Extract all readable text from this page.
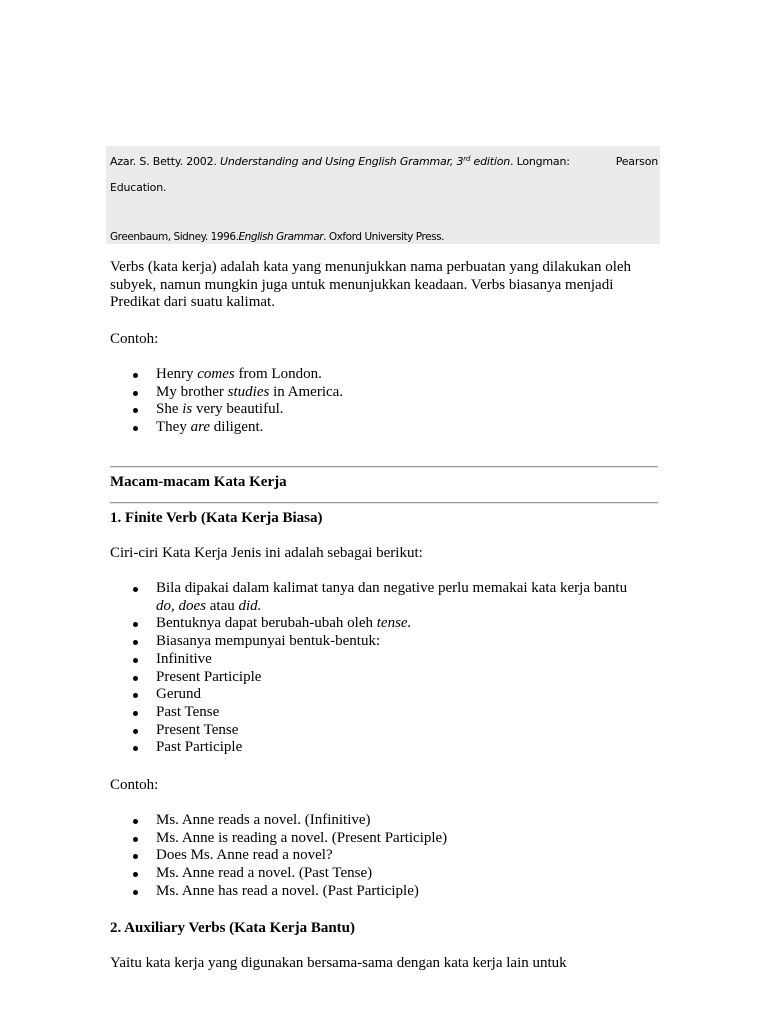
Azar. S. Betty. 2002. Understanding and Using English Grammar, 3rd edition. Longman:	Pearson
Education.
Greenbaum, Sidney. 1996.English Grammar. Oxford University Press.
Verbs (kata kerja) adalah kata yang menunjukkan nama perbuatan yang dilakukan oleh
subyek, namun mungkin juga untuk menunjukkan keadaan. Verbs biasanya menjadi
Predikat dari suatu kalimat.
Contoh:
Henry comes from London.
My brother studies in America.
She is very beautiful.
They are diligent.
Macam-macam Kata Kerja
1. Finite Verb (Kata Kerja Biasa)
Ciri-ciri Kata Kerja Jenis ini adalah sebagai berikut:
Bila dipakai dalam kalimat tanya dan negative perlu memakai kata kerja bantu
do, does atau did.
Bentuknya dapat berubah-ubah oleh tense.
Biasanya mempunyai bentuk-bentuk:
Infinitive
Present Participle
Gerund
Past Tense
Present Tense
Past Participle
Contoh:
Ms. Anne reads a novel. (Infinitive)
Ms. Anne is reading a novel. (Present Participle)
Does Ms. Anne read a novel?
Ms. Anne read a novel. (Past Tense)
Ms. Anne has read a novel. (Past Participle)
2. Auxiliary Verbs (Kata Kerja Bantu)
Yaitu kata kerja yang digunakan bersama-sama dengan kata kerja lain untuk
